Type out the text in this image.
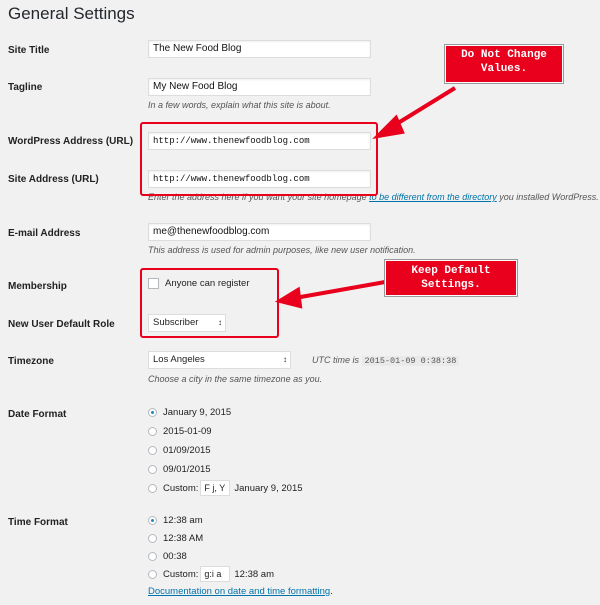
General Settings
Site Title	The New Food Blog
Tagline	My New Food Blog
In a few words, explain what this site is about.
WordPress Address (URL)	http://www.thenewfoodblog.com
Site Address (URL)	http://www.thenewfoodblog.com
Enter the address here if you want your site homepage to be different from the directory you installed WordPress.
E-mail Address	me@thenewfoodblog.com
This address is used for admin purposes, like new user notification.
Membership	Anyone can register
New User Default Role	Subscriber ↕
Timezone	Los Angeles	↕	UTC time is 2015-01-09 0:38:38
Choose a city in the same timezone as you.
Date Format	January 9, 2015
2015-01-09
01/09/2015
09/01/2015
Custom: F j, Y January 9, 2015
Time Format	12:38 am
12:38 AM
00:38
Custom: g:i a	12:38 am
Documentation on date and time formatting.
Do Not Change
Values.
Keep Default
Settings.
